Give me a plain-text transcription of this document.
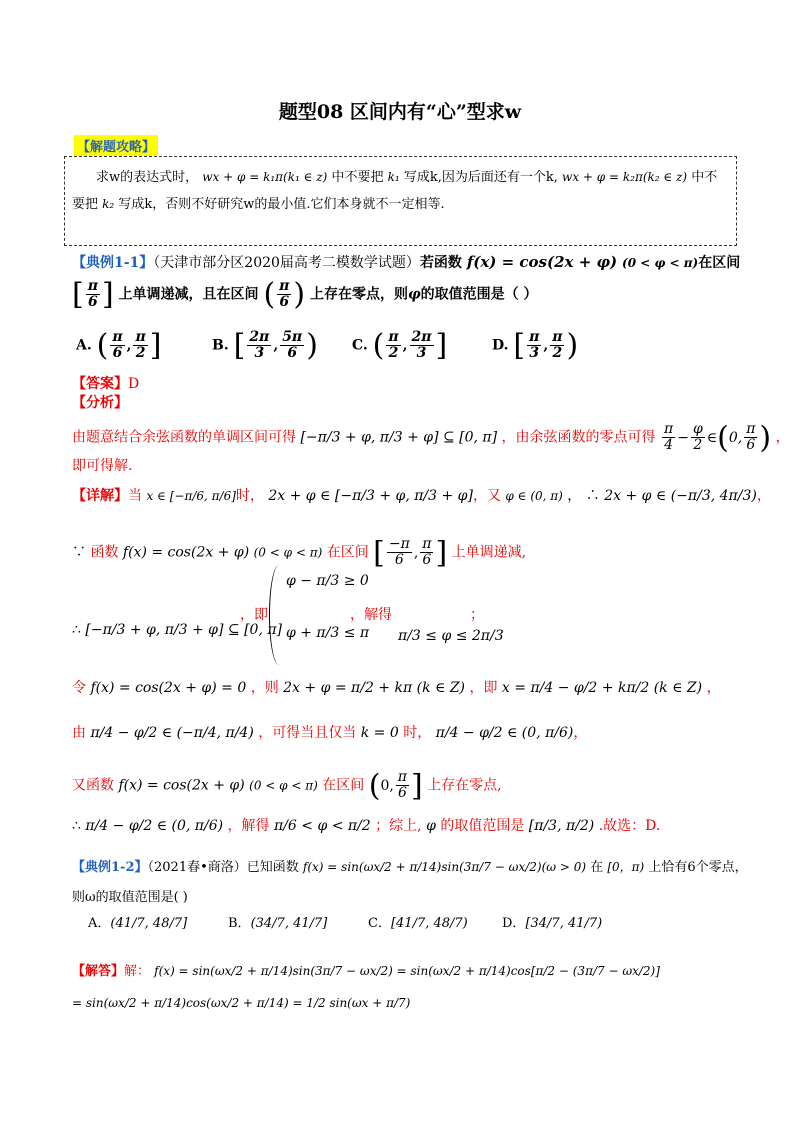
题型08 区间内有“心”型求w
【解题攻略】
求w的表达式时， wx + φ = k₁π(k₁ ∈ z) 中不要把 k₁ 写成k,因为后面还有一个k, wx + φ = k₂π(k₂ ∈ z) 中不
要把 k₂ 写成k，否则不好研究w的最小值.它们本身就不一定相等.
【典例1-1】（天津市部分区2020届高考二模数学试题）若函数 f(x) = cos(2x + φ) (0 < φ < π)在区间
[ $\frac{\pi}{6}$ ] 上单调递减，且在区间 ( $\frac{\pi}{6}$ ) 上存在零点，则φ的取值范围是（ ）
A. ( $\frac{\pi}{6}$ , $\frac{\pi}{2}$ ]	B. [ $\frac{2\pi}{3}$ , $\frac{5\pi}{6}$ ) C. ( $\frac{\pi}{2}$ , $\frac{2\pi}{3}$ ]	D. [ $\frac{\pi}{3}$ , $\frac{\pi}{2}$ )
【答案】D
【分析】
由题意结合余弦函数的单调区间可得 [−π/3 + φ, π/3 + φ] ⊆ [0, π] ，由余弦函数的零点可得 $\frac{\pi}{4} - \frac{\varphi}{2}$ ∈(0, $\frac{\pi}{6}$ ) ，
即可得解.
【详解】当 x ∈ [−π/6, π/6]时， 2x + φ ∈ [−π/3 + φ, π/3 + φ]，又 φ ∈ (0, π) ， ∴ 2x + φ ∈ (−π/3, 4π/3)，
∵ 函数 f(x) = cos(2x + φ) (0 < φ < π) 在区间 [ $\frac{-\pi}{6}$ , $\frac{\pi}{6}$ ] 上单调递减,
∴ [−π/3 + φ, π/3 + φ] ⊆ [0, π]
φ − π/3 ≥ 0
φ + π/3 ≤ π
，即	，解得
π/3 ≤ φ ≤ 2π/3
；
令 f(x) = cos(2x + φ) = 0 ，则 2x + φ = π/2 + kπ (k ∈ Z) ，即 x = π/4 − φ/2 + kπ/2 (k ∈ Z) ，
由 π/4 − φ/2 ∈ (−π/4, π/4) ，可得当且仅当 k = 0 时， π/4 − φ/2 ∈ (0, π/6)，
又函数 f(x) = cos(2x + φ) (0 < φ < π) 在区间 (0, $\frac{\pi}{6}$ ] 上存在零点,
∴ π/4 − φ/2 ∈ (0, π/6) ，解得 π/6 < φ < π/2 ；综上, φ 的取值范围是 [π/3, π/2) .故选：D.
【典例1-2】（2021春•商洛）已知函数 f(x) = sin(ωx/2 + π/14)sin(3π/7 − ωx/2)(ω > 0) 在 [0，π) 上恰有6个零点，
则ω的取值范围是( )
A．(41/7, 48/7]	B．(34/7, 41/7]	C．[41/7, 48/7)	D．[34/7, 41/7)
【解答】解： f(x) = sin(ωx/2 + π/14)sin(3π/7 − ωx/2) = sin(ωx/2 + π/14)cos[π/2 − (3π/7 − ωx/2)]
= sin(ωx/2 + π/14)cos(ωx/2 + π/14) = 1/2 sin(ωx + π/7)
